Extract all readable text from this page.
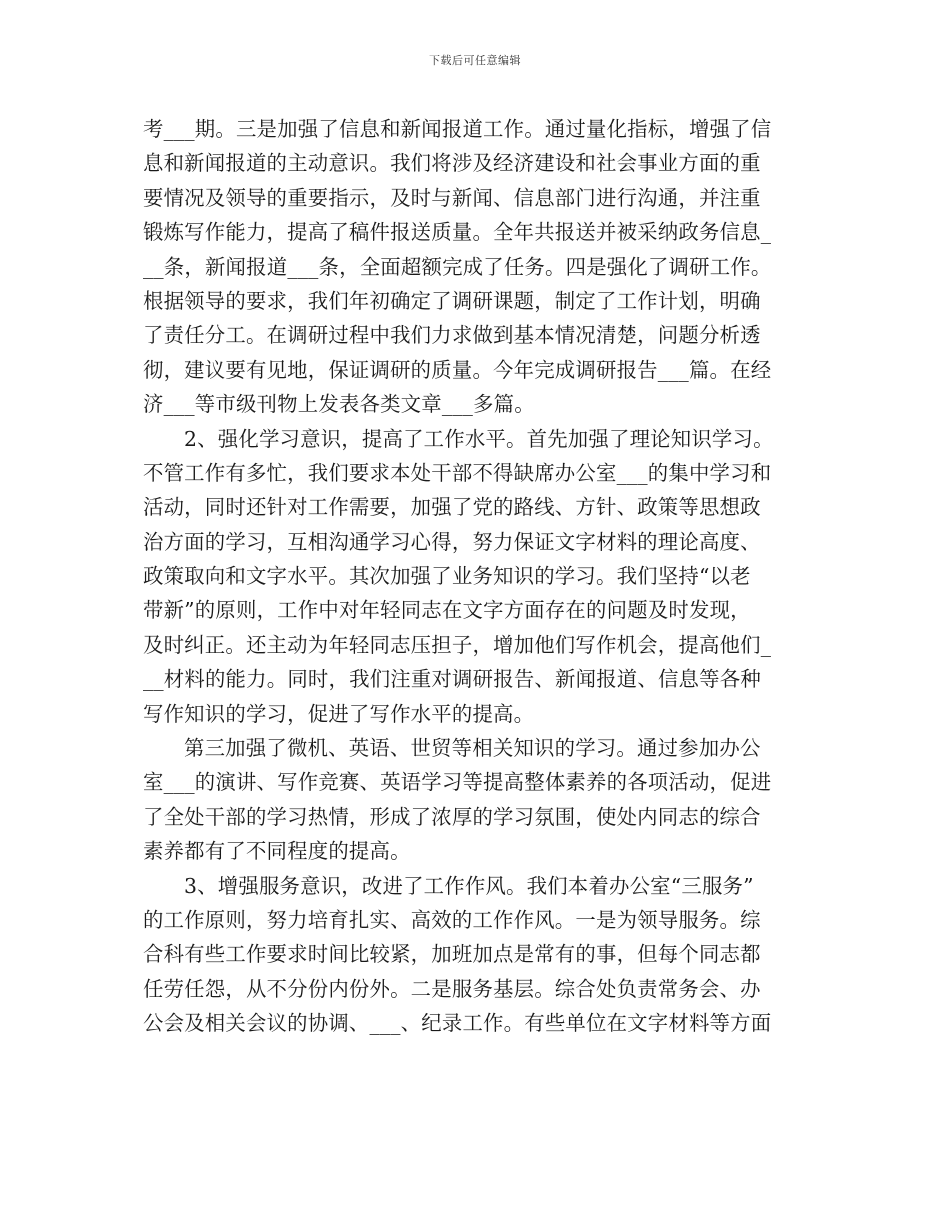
下载后可任意编辑
考___期。三是加强了信息和新闻报道工作。通过量化指标，增强了信
息和新闻报道的主动意识。我们将涉及经济建设和社会事业方面的重
要情况及领导的重要指示，及时与新闻、信息部门进行沟通，并注重
锻炼写作能力，提高了稿件报送质量。全年共报送并被采纳政务信息_
__条，新闻报道___条，全面超额完成了任务。四是强化了调研工作。
根据领导的要求，我们年初确定了调研课题，制定了工作计划，明确
了责任分工。在调研过程中我们力求做到基本情况清楚，问题分析透
彻，建议要有见地，保证调研的质量。今年完成调研报告___篇。在经
济___等市级刊物上发表各类文章___多篇。
2、强化学习意识，提高了工作水平。首先加强了理论知识学习。
不管工作有多忙，我们要求本处干部不得缺席办公室___的集中学习和
活动，同时还针对工作需要，加强了党的路线、方针、政策等思想政
治方面的学习，互相沟通学习心得，努力保证文字材料的理论高度、
政策取向和文字水平。其次加强了业务知识的学习。我们坚持“以老
带新”的原则，工作中对年轻同志在文字方面存在的问题及时发现，
及时纠正。还主动为年轻同志压担子，增加他们写作机会，提高他们_
__材料的能力。同时，我们注重对调研报告、新闻报道、信息等各种
写作知识的学习，促进了写作水平的提高。
第三加强了微机、英语、世贸等相关知识的学习。通过参加办公
室___的演讲、写作竞赛、英语学习等提高整体素养的各项活动，促进
了全处干部的学习热情，形成了浓厚的学习氛围，使处内同志的综合
素养都有了不同程度的提高。
3、增强服务意识，改进了工作作风。我们本着办公室“三服务”
的工作原则，努力培育扎实、高效的工作作风。一是为领导服务。综
合科有些工作要求时间比较紧，加班加点是常有的事，但每个同志都
任劳任怨，从不分份内份外。二是服务基层。综合处负责常务会、办
公会及相关会议的协调、___、纪录工作。有些单位在文字材料等方面
